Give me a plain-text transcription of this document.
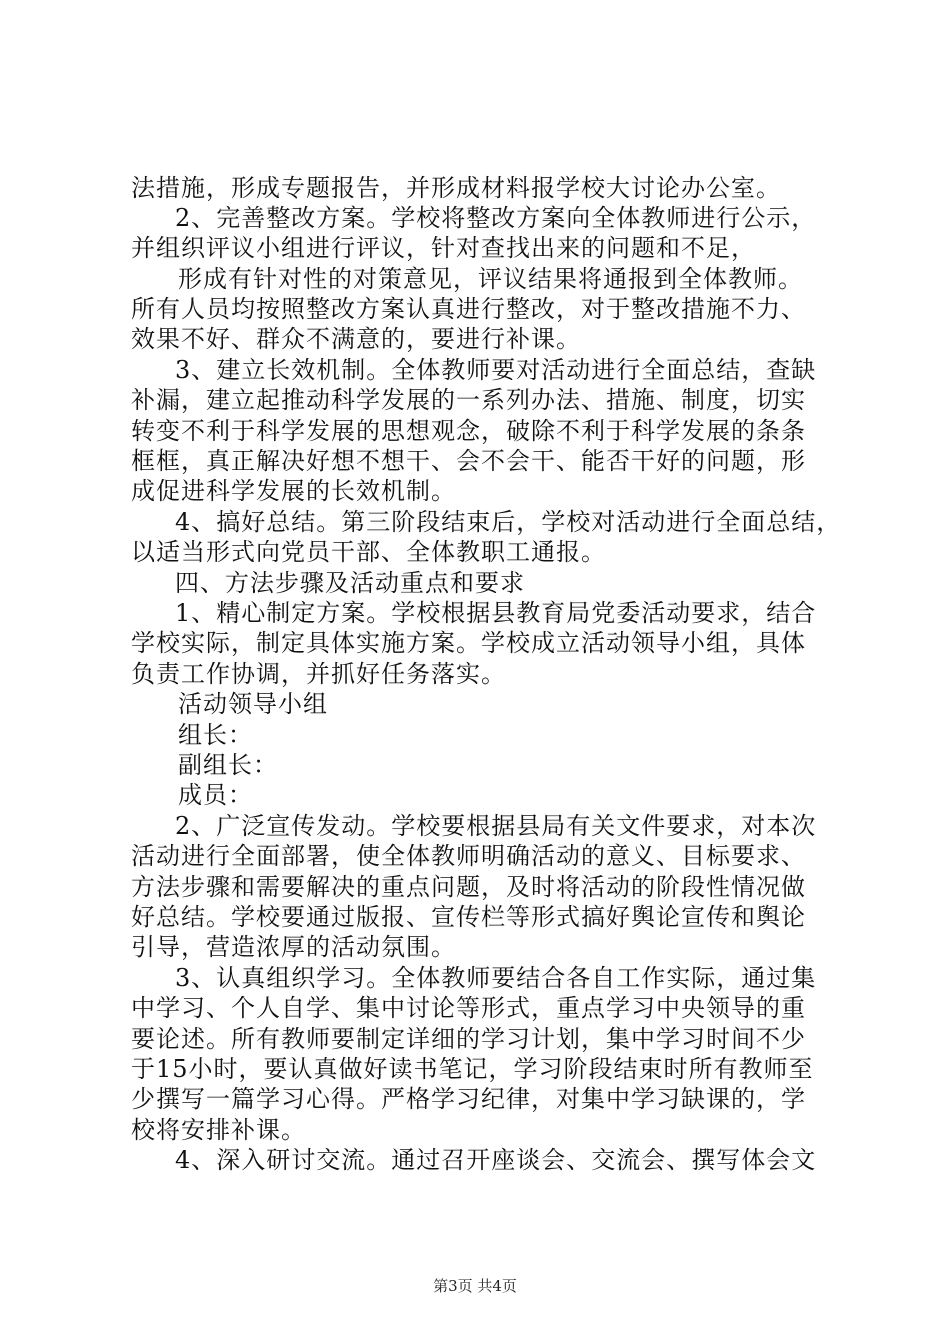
法措施，形成专题报告，并形成材料报学校大讨论办公室。
2、完善整改方案。学校将整改方案向全体教师进行公示，
并组织评议小组进行评议，针对查找出来的问题和不足，
形成有针对性的对策意见，评议结果将通报到全体教师。
所有人员均按照整改方案认真进行整改，对于整改措施不力、
效果不好、群众不满意的，要进行补课。
3、建立长效机制。全体教师要对活动进行全面总结，查缺
补漏，建立起推动科学发展的一系列办法、措施、制度，切实
转变不利于科学发展的思想观念，破除不利于科学发展的条条
框框，真正解决好想不想干、会不会干、能否干好的问题，形
成促进科学发展的长效机制。
4、搞好总结。第三阶段结束后，学校对活动进行全面总结，
以适当形式向党员干部、全体教职工通报。
四、方法步骤及活动重点和要求
1、精心制定方案。学校根据县教育局党委活动要求，结合
学校实际，制定具体实施方案。学校成立活动领导小组，具体
负责工作协调，并抓好任务落实。
活动领导小组
组长：
副组长：
成员：
2、广泛宣传发动。学校要根据县局有关文件要求，对本次
活动进行全面部署，使全体教师明确活动的意义、目标要求、
方法步骤和需要解决的重点问题，及时将活动的阶段性情况做
好总结。学校要通过版报、宣传栏等形式搞好舆论宣传和舆论
引导，营造浓厚的活动氛围。
3、认真组织学习。全体教师要结合各自工作实际，通过集
中学习、个人自学、集中讨论等形式，重点学习中央领导的重
要论述。所有教师要制定详细的学习计划，集中学习时间不少
于15小时，要认真做好读书笔记，学习阶段结束时所有教师至
少撰写一篇学习心得。严格学习纪律，对集中学习缺课的，学
校将安排补课。
4、深入研讨交流。通过召开座谈会、交流会、撰写体会文
第3页 共4页
